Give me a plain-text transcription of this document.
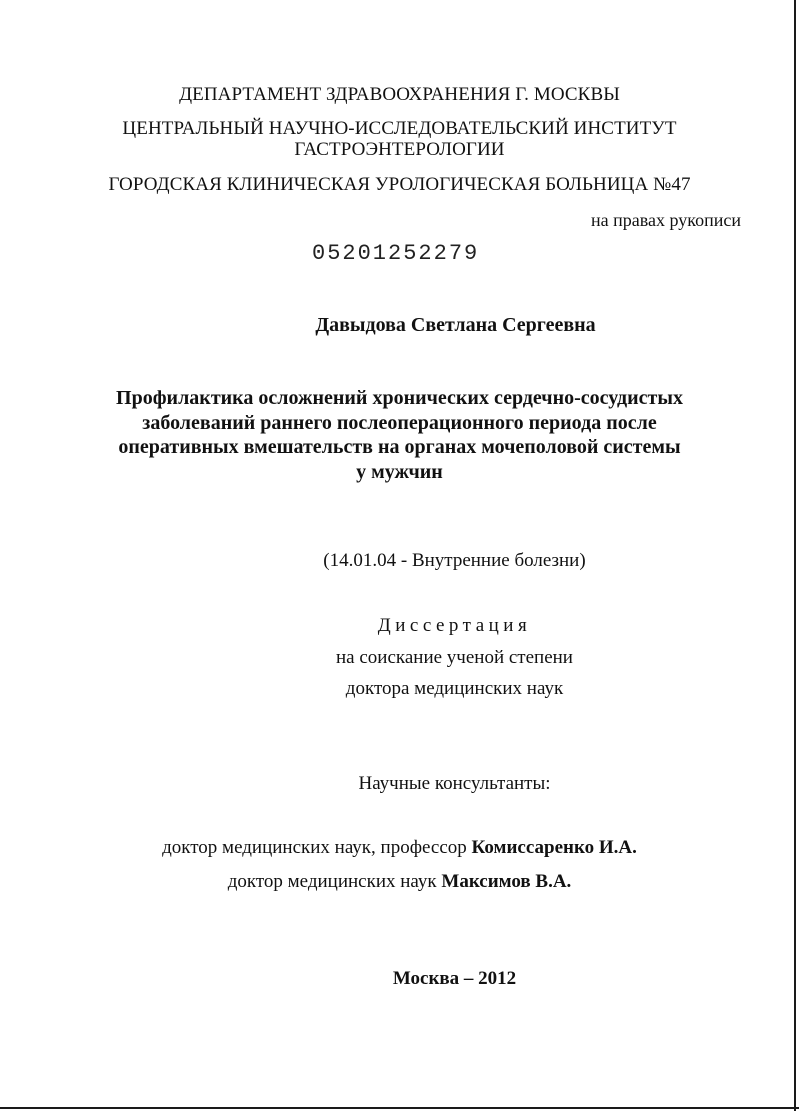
ДЕПАРТАМЕНТ ЗДРАВООХРАНЕНИЯ Г. МОСКВЫ
ЦЕНТРАЛЬНЫЙ НАУЧНО-ИССЛЕДОВАТЕЛЬСКИЙ ИНСТИТУТ
ГАСТРОЭНТЕРОЛОГИИ
ГОРОДСКАЯ КЛИНИЧЕСКАЯ УРОЛОГИЧЕСКАЯ БОЛЬНИЦА №47
на правах рукописи
05201252279
Давыдова Светлана Сергеевна
Профилактика осложнений хронических сердечно-сосудистых
заболеваний раннего послеоперационного периода после
оперативных вмешательств на органах мочеполовой системы
у мужчин
(14.01.04 - Внутренние болезни)
Диссертация
на соискание ученой степени
доктора медицинских наук
Научные консультанты:
доктор медицинских наук, профессор Комиссаренко И.А.
доктор медицинских наук Максимов В.А.
Москва – 2012
